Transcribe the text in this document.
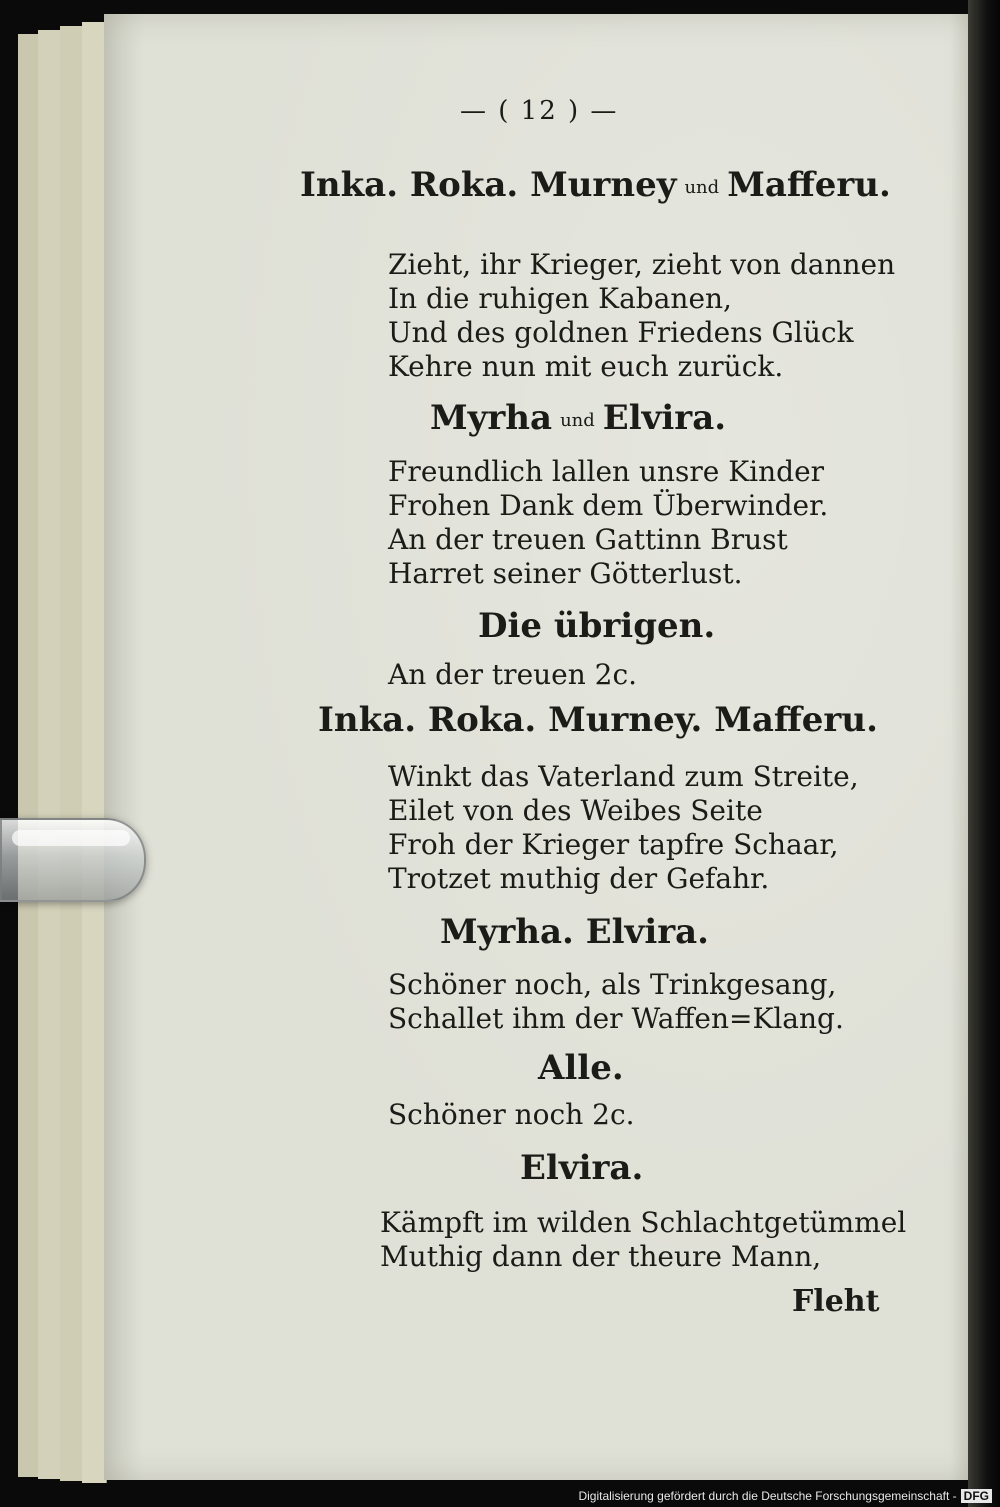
— ( 12 ) —
Inka. Roka. Murney und Mafferu.
Zieht, ihr Krieger, zieht von dannen
In die ruhigen Kabanen,
Und des goldnen Friedens Glück
Kehre nun mit euch zurück.
Myrha und Elvira.
Freundlich lallen unsre Kinder
Frohen Dank dem Überwinder.
An der treuen Gattinn Brust
Harret seiner Götterlust.
Die übrigen.
An der treuen 2c.
Inka. Roka. Murney. Mafferu.
Winkt das Vaterland zum Streite,
Eilet von des Weibes Seite
Froh der Krieger tapfre Schaar,
Trotzet muthig der Gefahr.
Myrha. Elvira.
Schöner noch, als Trinkgesang,
Schallet ihm der Waffen=Klang.
Alle.
Schöner noch 2c.
Elvira.
Kämpft im wilden Schlachtgetümmel
Muthig dann der theure Mann,
Fleht
Digitalisierung gefördert durch die Deutsche Forschungsgemeinschaft - DFG
